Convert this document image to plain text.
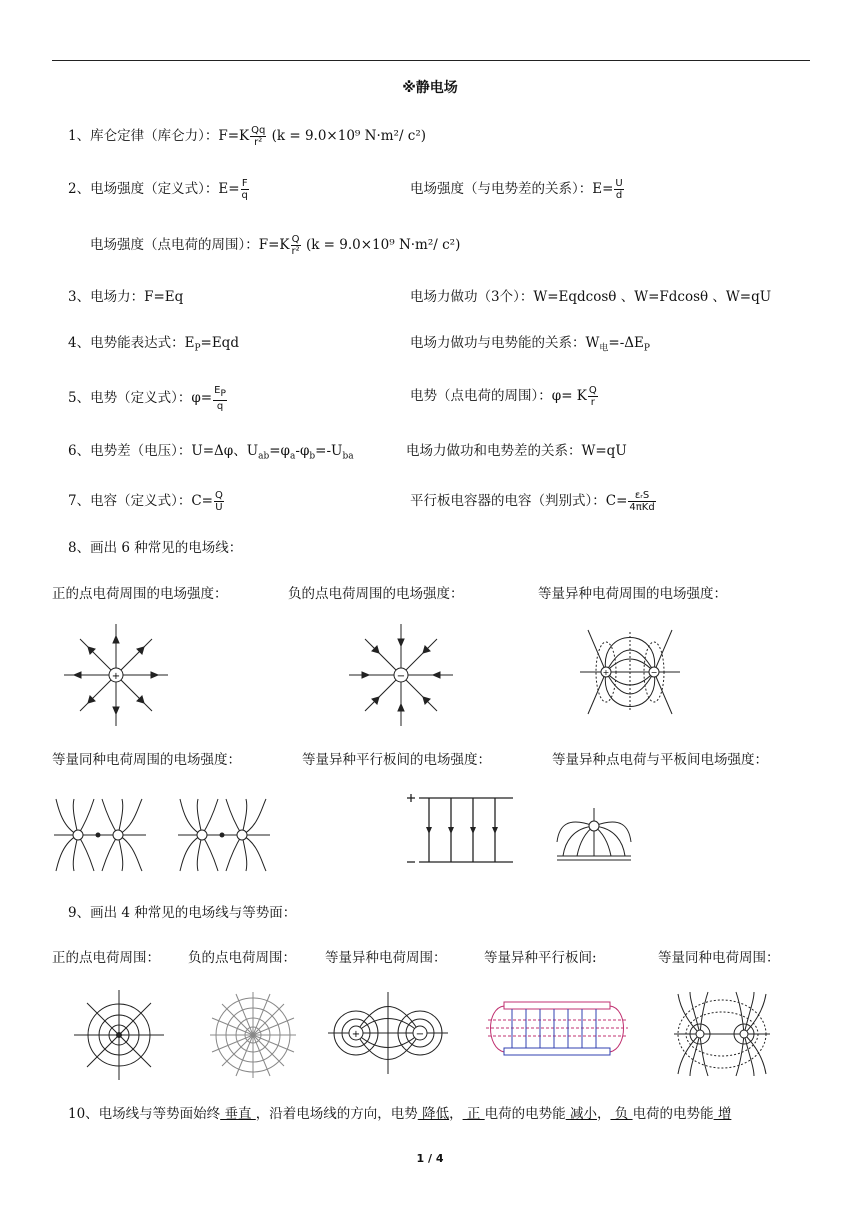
※静电场
1、库仑定律（库仑力）：$F=K \frac{Qq}{\text{r²}} (k = 9.0\times 10^9$ N·m²/ c²)
2、电场强度（定义式）：$E= \frac{F}{q}$	电场强度（与电势差的关系）：$E= \frac{U}{d}$
电场强度（点电荷的周围）：$F=K \frac{Q}{\text{r²}} (k = 9.0\times 10^9$ N·m²/ c²)
3、电场力：F=Eq	电场力做功（3个）：W=Eqdcosθ 、W=Fdcosθ 、W=qU
4、电势能表达式：$E_P=Eqd$	电场力做功与电势能的关系：$W_电=-\Delta E_P$
5、电势（定义式）：$\varphi= \frac{EP}{q}$	电势（点电荷的周围）：φ= K $\frac{Q}{r}$
6、电势差（电压）：U=Δφ、$U_{ab}=\varphi_a-\varphi_b=-U_{ba}$	电场力做功和电势差的关系：W=qU
7、电容（定义式）：$C= \frac{Q}{U}$	平行板电容器的电容（判别式）：$C= \frac{\text{εᵣS}}{\text{4πKd}}$
8、画出 6 种常见的电场线：
正的点电荷周围的电场强度：	负的点电荷周围的电场强度：	等量异种电荷周围的电场强度：
+	−	+	−
等量同种电荷周围的电场强度：	等量异种平行板间的电场强度：	等量异种点电荷与平板间电场强度：
9、画出 4 种常见的电场线与等势面：
正的点电荷周围： 负的点电荷周围： 等量异种电荷周围：	等量异种平行板间:	等量同种电荷周围：
+	−
10、电场线与等势面始终 垂直 ，沿着电场线的方向，电势 降低， 正 电荷的电势能 减小， 负 电荷的电势能 增
1 / 4
